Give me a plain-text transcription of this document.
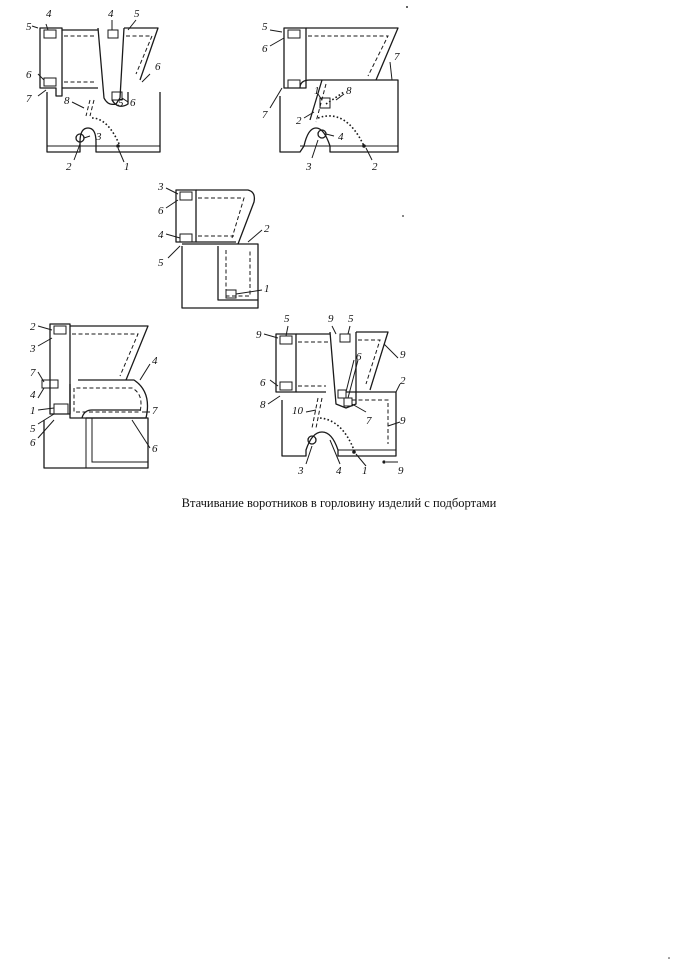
4
5
4 5
6
7	8
6
6
3
2	1
5
5
6
7
7
1 8
2
4
3	2
3
6
4
5
2
1
2
3
4
7
4
1	7
5
6	6
9
5	9 5
6	9
2
6
8 10
7	9
3	4 1	9
Втачивание воротников в горловину изделий с подбортами
